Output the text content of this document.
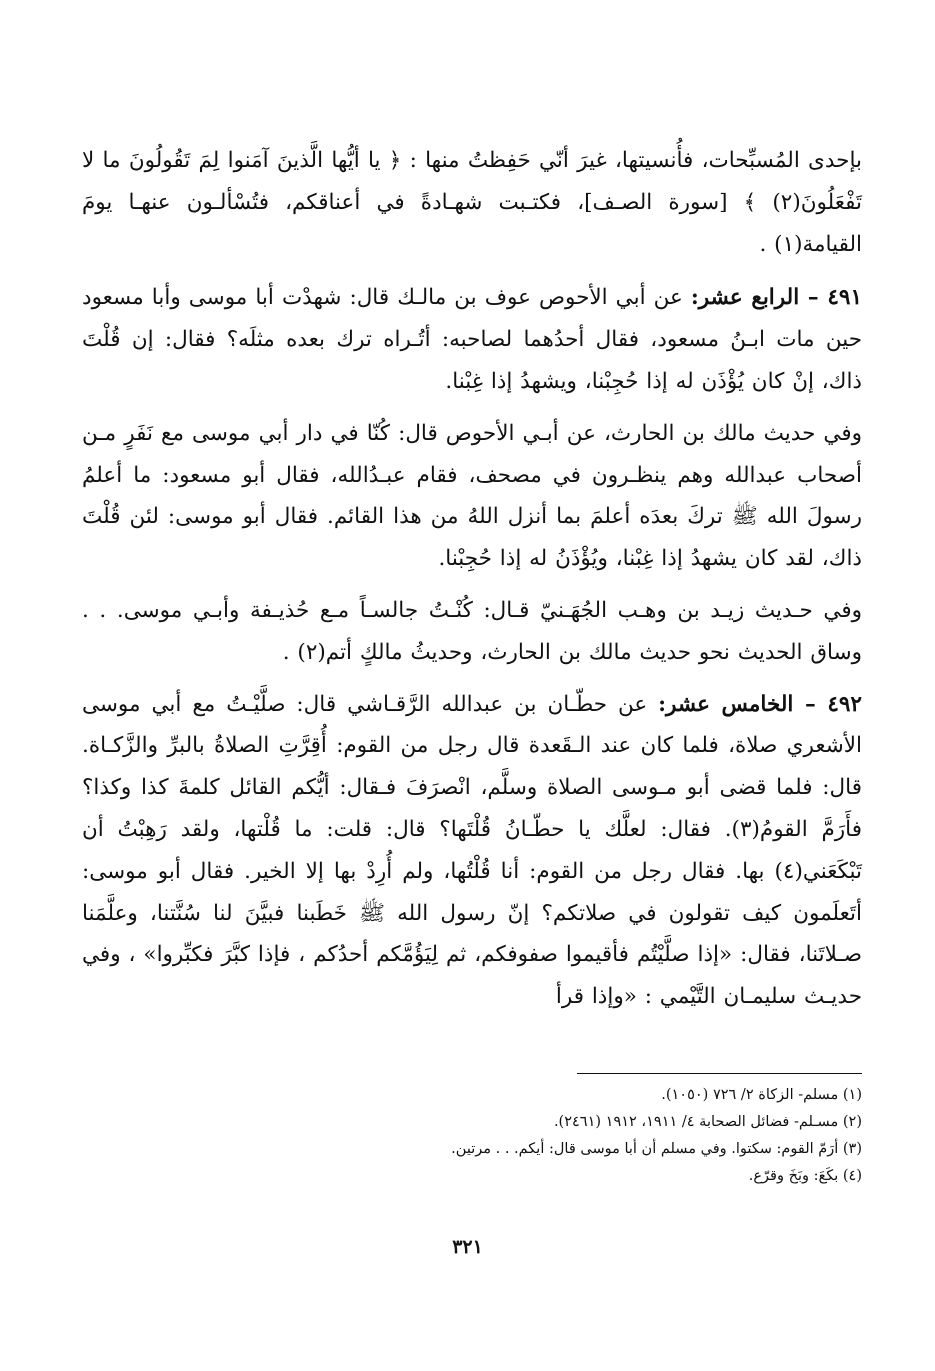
بإحدى المُسبِّحات، فأُنسيتها، غيرَ أنّي حَفِظتُ منها : ﴿ يا أيُّها الَّذينَ آمَنوا لِمَ تَقُولُونَ ما لا تَفْعَلُونَ(٢) ﴾ [سورة الصـف]، فكتـبت شهـادةً في أعناقكم، فتُسْألـون عنهـا يومَ القيامة(١) .

٤٩١ – الرابع عشر: عن أبي الأحوص عوف بن مالـك قال: شهدْت أبا موسى وأبا مسعود حين مات ابـنُ مسعود، فقال أحدُهما لصاحبه: أتُـراه ترك بعده مثلَه؟ فقال: إن قُلْتَ ذاك، إنْ كان يُؤْذَن له إذا حُجِبْنا، ويشهدُ إذا غِبْنا.

وفي حديث مالك بن الحارث، عن أبـي الأحوص قال: كُنّا في دار أبي موسى مع نَفَرٍ مـن أصحاب عبدالله وهم ينظـرون في مصحف، فقام عبـدُالله، فقال أبو مسعود: ما أعلمُ رسولَ الله ﷺ تركَ بعدَه أعلمَ بما أنزل اللهُ من هذا القائم. فقال أبو موسى: لئن قُلْتَ ذاك، لقد كان يشهدُ إذا غِبْنا، ويُؤْذَنُ له إذا حُجِبْنا.

وفي حـديث زيـد بن وهـب الجُهَـنيّ قـال: كُنْـتُ جالسـاً مـع حُذيـفة وأبـي موسى. . . وساق الحديث نحو حديث مالك بن الحارث، وحديثُ مالكٍ أتم(٢) .

٤٩٢ – الخامس عشر: عن حطّـان بن عبدالله الرَّقـاشي قال: صلَّيْـتُ مع أبي موسى الأشعري صلاة، فلما كان عند الـقَعدة قال رجل من القوم: أُقِرَّتِ الصلاةُ بالبرِّ والزَّكـاة. قال: فلما قضى أبو مـوسى الصلاة وسلَّم، انْصرَفَ فـقال: أيُّكم القائل كلمةَ كذا وكذا؟ فأَرَمَّ القومُ(٣). فقال: لعلَّك يا حطّـانُ قُلْتَها؟ قال: قلت: ما قُلْتها، ولقد رَهِبْتُ أن تَبْكَعَني(٤) بها. فقال رجل من القوم: أنا قُلْتُها، ولم أُرِدْ بها إلا الخير. فقال أبو موسى: أتَعلَمون كيف تقولون في صلاتكم؟ إنّ رسول الله ﷺ خَطَبنا فبيَّنَ لنا سُنَّتنا، وعلَّمَنا صـلاتَنا، فقال: «إذا صلَّيْتُم فأقيموا صفوفكم، ثم لِيَؤُمَّكم أحدُكم ، فإذا كبَّرَ فكبِّروا» ، وفي حديـث سليمـان التَّيْمي : «وإذا قرأ

(١) مسلم- الزكاة ٢/ ٧٢٦ (١٠٥٠).
(٢) مسـلم- فضائل الصحابة ٤/ ١٩١١، ١٩١٢ (٢٤٦١).
(٣) أرَمّ القوم: سكتوا. وفي مسلم أن أبا موسى قال: أيكم. . . مرتين.
(٤) بكَعَ: وبَخَ وقرّع.
٣٢١
